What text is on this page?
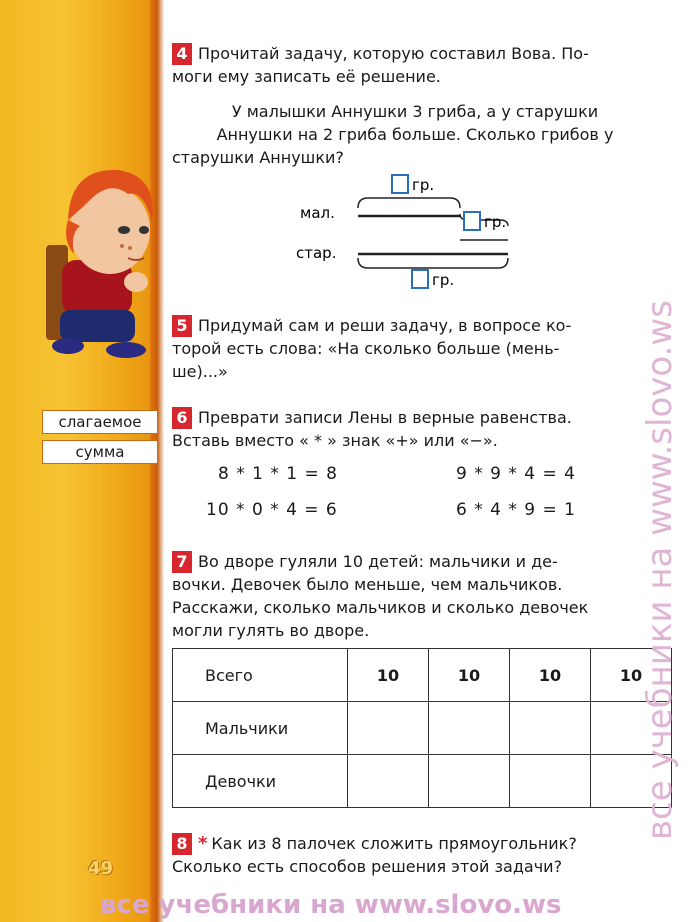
слагаемое
сумма
49
4 Прочитай задачу, которую составил Вова. По-
моги ему записать её решение.
У малышки Аннушки 3 гриба, а у старушки
Аннушки на 2 гриба больше. Сколько грибов у
старушки Аннушки?
гр.
мал.	гр.
стар.
гр.
5 Придумай сам и реши задачу, в вопросе ко-
торой есть слова: «На сколько больше (мень-
ше)...»
6 Преврати записи Лены в верные равенства.
Вставь вместо « * » знак «+» или «−».
8 * 1 * 1 = 8	9 * 9 * 4 = 4
10 * 0 * 4 = 6	6 * 4 * 9 = 1
7 Во дворе гуляли 10 детей: мальчики и де-
вочки. Девочек было меньше, чем мальчиков.
Расскажи, сколько мальчиков и сколько девочек
могли гулять во дворе.
Всего	10	10	10	10
Мальчики				
Девочки				
8 * Как из 8 палочек сложить прямоугольник?
Сколько есть способов решения этой задачи?
все учебники на www.slovo.ws
все учебники на www.slovo.ws
